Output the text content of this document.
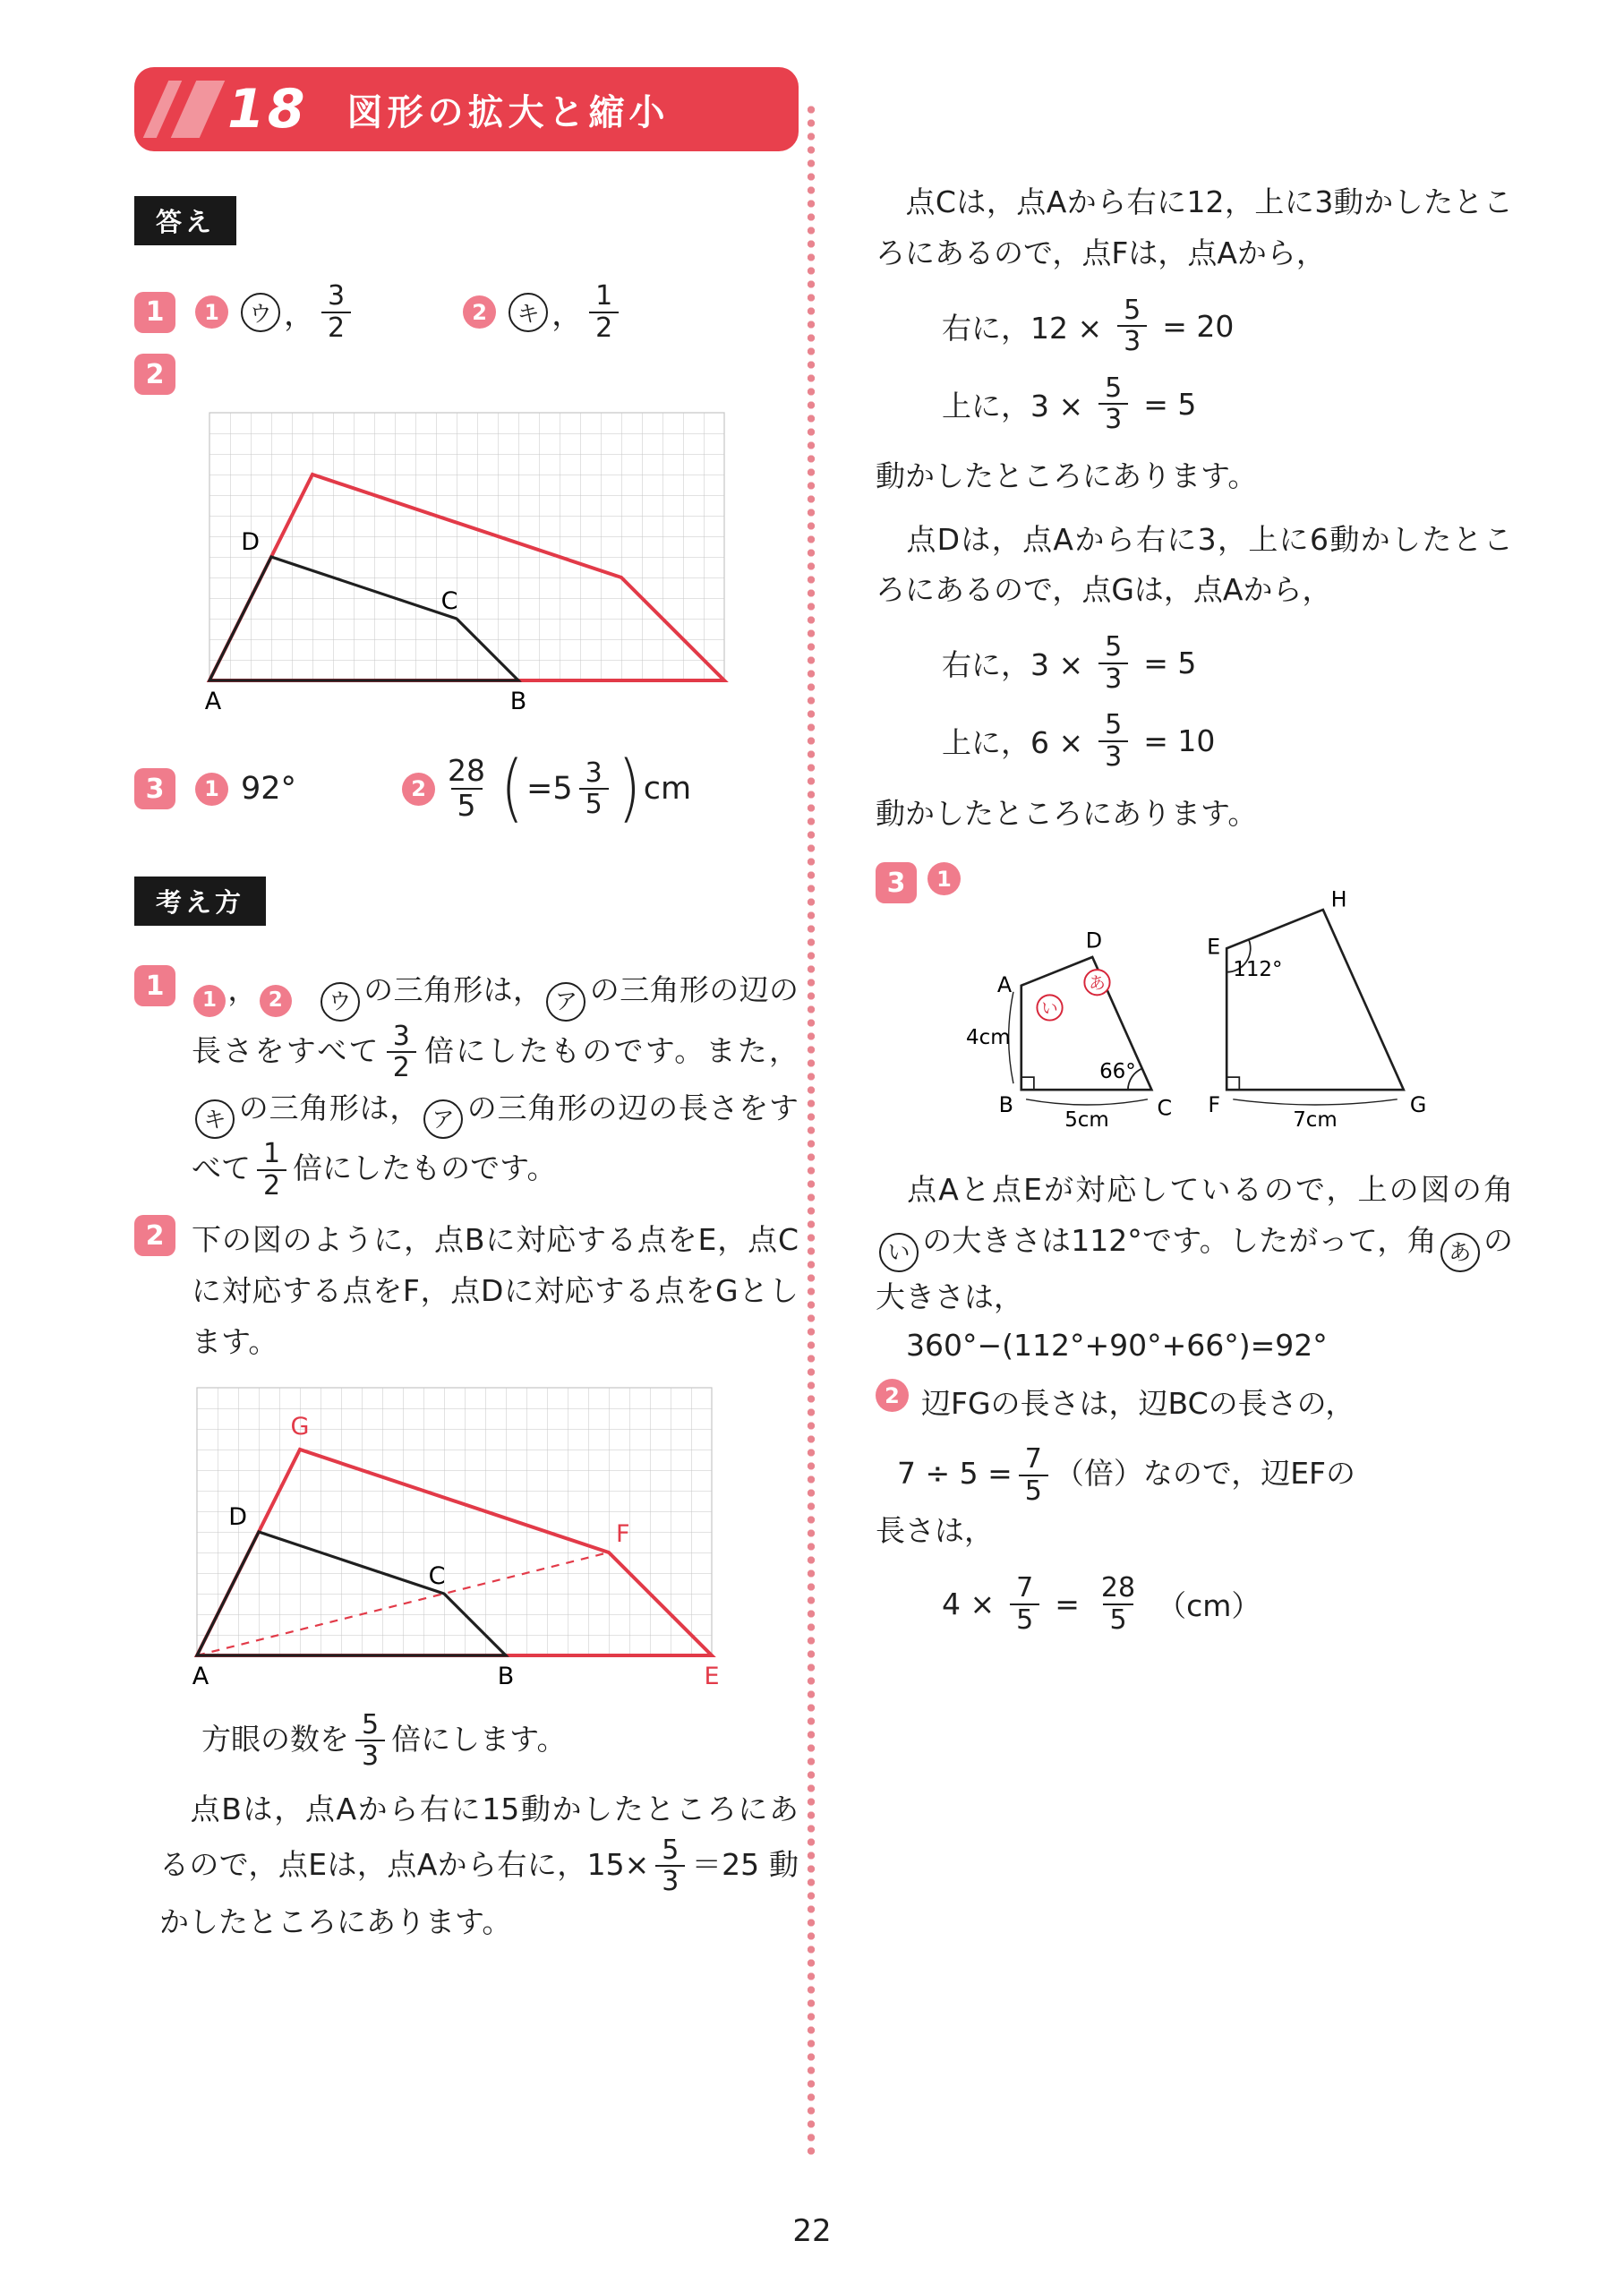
18 図形の拡大と縮小
答え
1	1	ウ ， $\frac{3}{2}$	2	キ ， $\frac{1}{2}$
2
D
C
A	B
3	1 92°	$2 \frac{28}{5}$ ( = $5 \frac{3}{5}$ ) cm
考え方
1	1 ， 2 ウ の三角形は， ア の三角形の辺の長さをすべて $\frac{3}{2}$ 倍にしたものです。また，キ の三角形は， ア の三角形の辺の長さをすべて $\frac{1}{2}$ 倍にしたものです。
2 下の図のように，点Bに対応する点をE，点Cに対応する点をF，点Dに対応する点をGとします。
G
D
C
F
A	B	E
方眼の数を $\frac{5}{3}$ 倍にします。
　点Bは，点Aから右に15動かしたところにあるので，点Eは，点Aから右に，$15\times \frac{5}{3} =25$ 動かしたところにあります。
　点Cは，点Aから右に12，上に3動かしたところにあるので，点Fは，点Aから，
右に，$12 \times \frac{5}{3} = 20$
上に，$3 \times \frac{5}{3} = 5$
動かしたところにあります。
　点Dは，点Aから右に3，上に6動かしたところにあるので，点Gは，点Aから，
右に，$3 \times \frac{5}{3} = 5$
上に，$6 \times \frac{5}{3} = 10$
動かしたところにあります。
3	1
あ
い
A
D
B	C
4cm
5cm
66°
E
H
F	G
112°
7cm
　点Aと点Eが対応しているので，上の図の角い の大きさは112°です。したがって，角 あ の大きさは，
360°−(112°+90°+66°)=92°
2 辺FGの長さは，辺BCの長さの，
$7 \div 5 = \frac{7}{5}$ （倍）なので，辺EFの
長さは，
$4 \times \frac{7}{5} = \frac{28}{5} (cm)$
22
